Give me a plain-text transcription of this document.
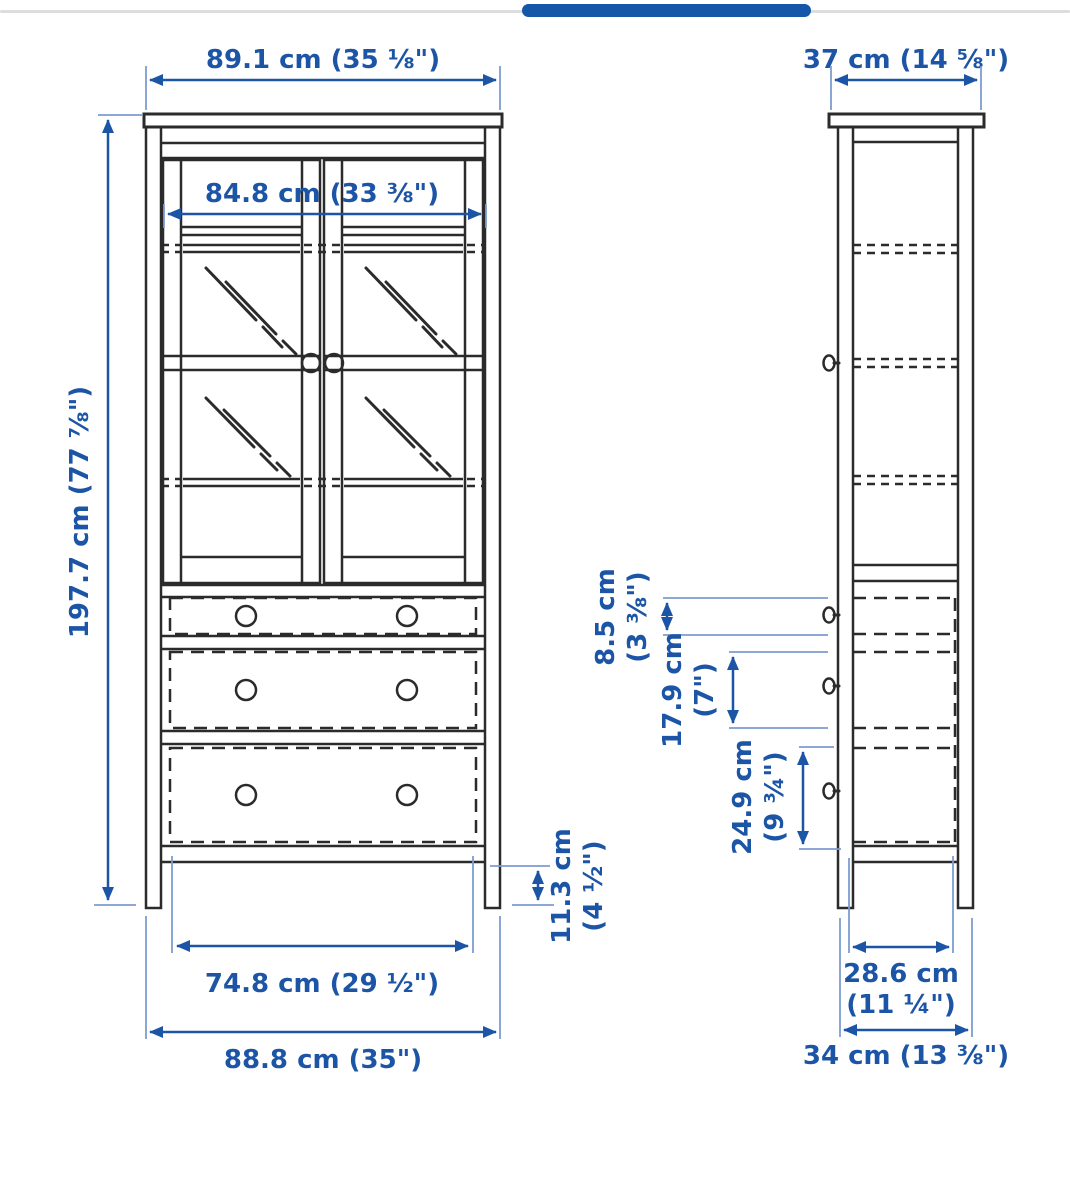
89.1 cm (35 ⅛")
84.8 cm (33 ⅜")
197.7 cm (77 ⅞")
11.3 cm (4 ½")
74.8 cm (29 ½")
88.8 cm (35")
37 cm (14 ⅝")
8.5 cm (3 ⅜")
17.9 cm (7")
24.9 cm (9 ¾")
28.6 cm
(11 ¼")
34 cm (13 ⅜")
